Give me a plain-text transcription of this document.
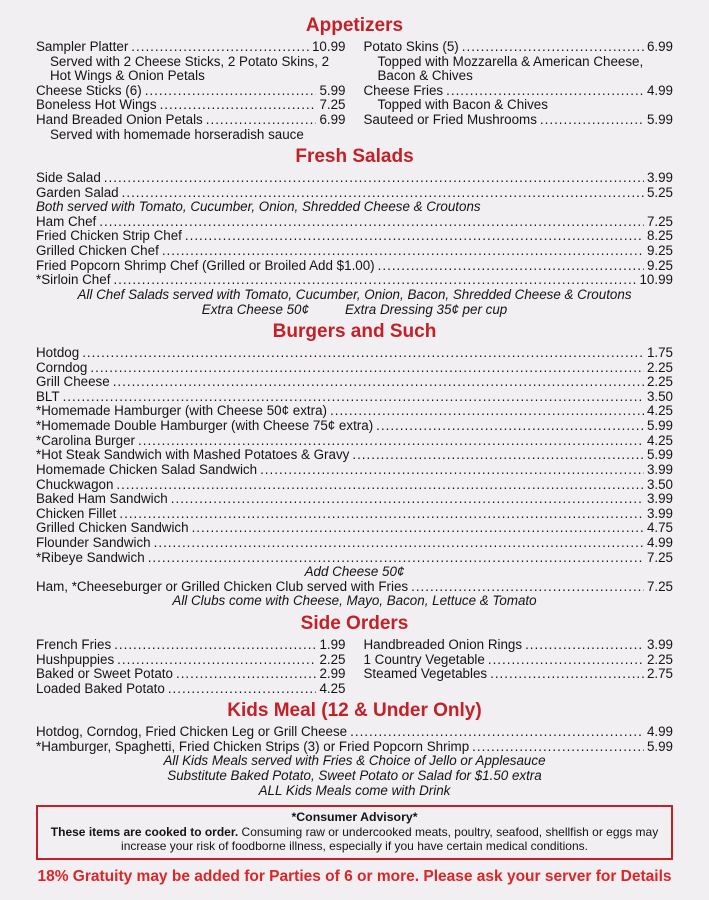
Appetizers
Sampler Platter .....	10.99
Served with 2 Cheese Sticks, 2 Potato Skins, 2 Hot Wings & Onion Petals
Cheese Sticks (6) .....	5.99
Boneless Hot Wings .....	7.25
Hand Breaded Onion Petals .....	6.99
Served with homemade horseradish sauce
Potato Skins (5) .....	6.99
Topped with Mozzarella & American Cheese, Bacon & Chives
Cheese Fries .....	4.99
Topped with Bacon & Chives
Sauteed or Fried Mushrooms .....	5.99
Fresh Salads
Side Salad .....	3.99
Garden Salad .....	5.25
Both served with Tomato, Cucumber, Onion, Shredded Cheese & Croutons
Ham Chef .....	7.25
Fried Chicken Strip Chef .....	8.25
Grilled Chicken Chef .....	9.25
Fried Popcorn Shrimp Chef (Grilled or Broiled Add $1.00) .....	9.25
*Sirloin Chef .....	10.99
All Chef Salads served with Tomato, Cucumber, Onion, Bacon, Shredded Cheese & Croutons
Extra Cheese 50¢	Extra Dressing 35¢ per cup
Burgers and Such
Hotdog .....	1.75
Corndog .....	2.25
Grill Cheese .....	2.25
BLT .....	3.50
*Homemade Hamburger (with Cheese 50¢ extra) .....	4.25
*Homemade Double Hamburger (with Cheese 75¢ extra) .....	5.99
*Carolina Burger .....	4.25
*Hot Steak Sandwich with Mashed Potatoes & Gravy .....	5.99
Homemade Chicken Salad Sandwich .....	3.99
Chuckwagon .....	3.50
Baked Ham Sandwich .....	3.99
Chicken Fillet .....	3.99
Grilled Chicken Sandwich .....	4.75
Flounder Sandwich .....	4.99
*Ribeye Sandwich .....	7.25
Add Cheese 50¢
Ham, *Cheeseburger or Grilled Chicken Club served with Fries .....	7.25
All Clubs come with Cheese, Mayo, Bacon, Lettuce & Tomato
Side Orders
French Fries .....	1.99
Hushpuppies .....	2.25
Baked or Sweet Potato .....	2.99
Loaded Baked Potato .....	4.25
Handbreaded Onion Rings .....	3.99
1 Country Vegetable .....	2.25
Steamed Vegetables .....	2.75
Kids Meal (12 & Under Only)
Hotdog, Corndog, Fried Chicken Leg or Grill Cheese .....	4.99
*Hamburger, Spaghetti, Fried Chicken Strips (3) or Fried Popcorn Shrimp .....	5.99
All Kids Meals served with Fries & Choice of Jello or Applesauce
Substitute Baked Potato, Sweet Potato or Salad for $1.50 extra
ALL Kids Meals come with Drink
*Consumer Advisory*
These items are cooked to order. Consuming raw or undercooked meats, poultry, seafood, shellfish or eggs may increase your risk of foodborne illness, especially if you have certain medical conditions.
18% Gratuity may be added for Parties of 6 or more. Please ask your server for Details
